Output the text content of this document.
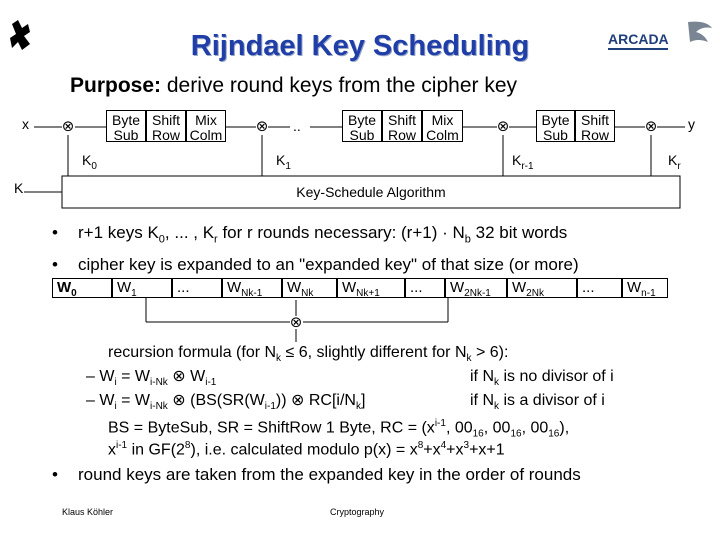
ARCADA
Rijndael Key Scheduling
Purpose: derive round keys from the cipher key
Key-Schedule Algorithm
x	y
K
⊗	⊗	⊗	⊗
..
Byte Sub
Shift Row
Mix Colm
Byte Sub
Shift Row
Mix Colm
Byte Sub
Shift Row
$K_0$	$K_1$	$K_{r-1}$	$K_r$
• r+1 keys $K_0$, ... , $K_r$ for r rounds necessary: $(r+1) \cdot N_b$ 32 bit words
• cipher key is expanded to an "expanded key" of that size (or more)
$W_0$	$W_1$	...	$W_{Nk-1}$	$W_{Nk}$	$W_{Nk+1}$	...	$W_{2Nk-1}$	$W_{2Nk}$	...	$W_{n-1}$
⊗
recursion formula (for $N_k \le 6$, slightly different for $N_k > 6$):
– $W_i = W_{i-Nk}$ ⊗ $W_{i-1}$	if $N_k$ is no divisor of i
– $W_i = W_{i-Nk}$ ⊗ ($BS(SR(W_{i-1}))$ ⊗ $RC[i/N_k]$	if $N_k$ is a divisor of i
BS = ByteSub, SR = ShiftRow 1 Byte, RC = ($x^{i-1}$, $00_{16}$, $00_{16}$, $00_{16}$),
$x^{i-1}$ in $GF(2^8)$, i.e. calculated modulo $p(x) = x^8+x^4+x^3+x+1$
• round keys are taken from the expanded key in the order of rounds
Klaus Köhler	Cryptography
